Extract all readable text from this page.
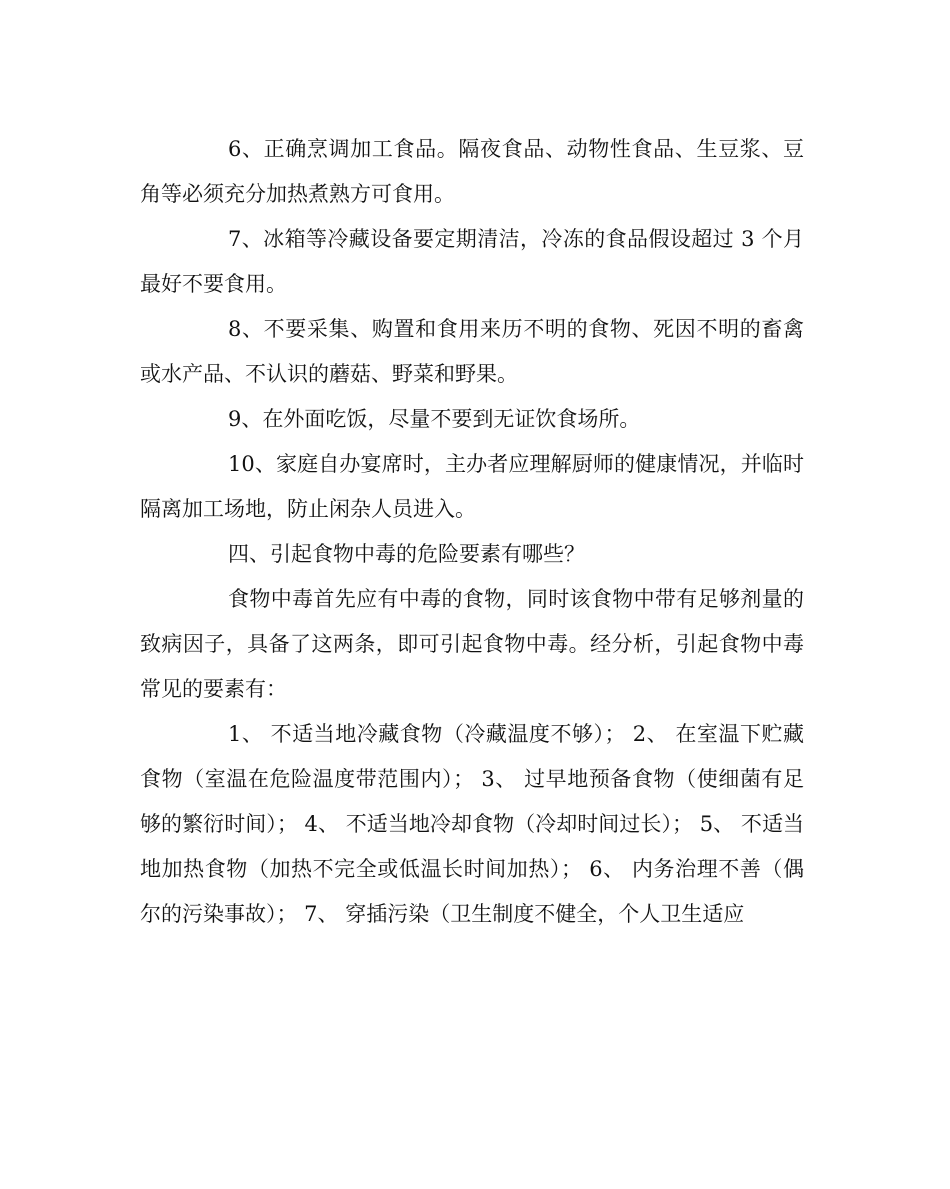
6、正确烹调加工食品。隔夜食品、动物性食品、生豆浆、豆角等必须充分加热煮熟方可食用。

7、冰箱等冷藏设备要定期清洁，冷冻的食品假设超过 3 个月最好不要食用。

8、不要采集、购置和食用来历不明的食物、死因不明的畜禽或水产品、不认识的蘑菇、野菜和野果。

9、在外面吃饭，尽量不要到无证饮食场所。

10、家庭自办宴席时，主办者应理解厨师的健康情况，并临时隔离加工场地，防止闲杂人员进入。

四、引起食物中毒的危险要素有哪些？

食物中毒首先应有中毒的食物，同时该食物中带有足够剂量的致病因子，具备了这两条，即可引起食物中毒。经分析，引起食物中毒常见的要素有：

1、 不适当地冷藏食物（冷藏温度不够）； 2、 在室温下贮藏食物（室温在危险温度带范围内）； 3、 过早地预备食物（使细菌有足够的繁衍时间）； 4、 不适当地冷却食物（冷却时间过长）； 5、 不适当地加热食物（加热不完全或低温长时间加热）； 6、 内务治理不善（偶尔的污染事故）； 7、 穿插污染（卫生制度不健全，个人卫生适应
